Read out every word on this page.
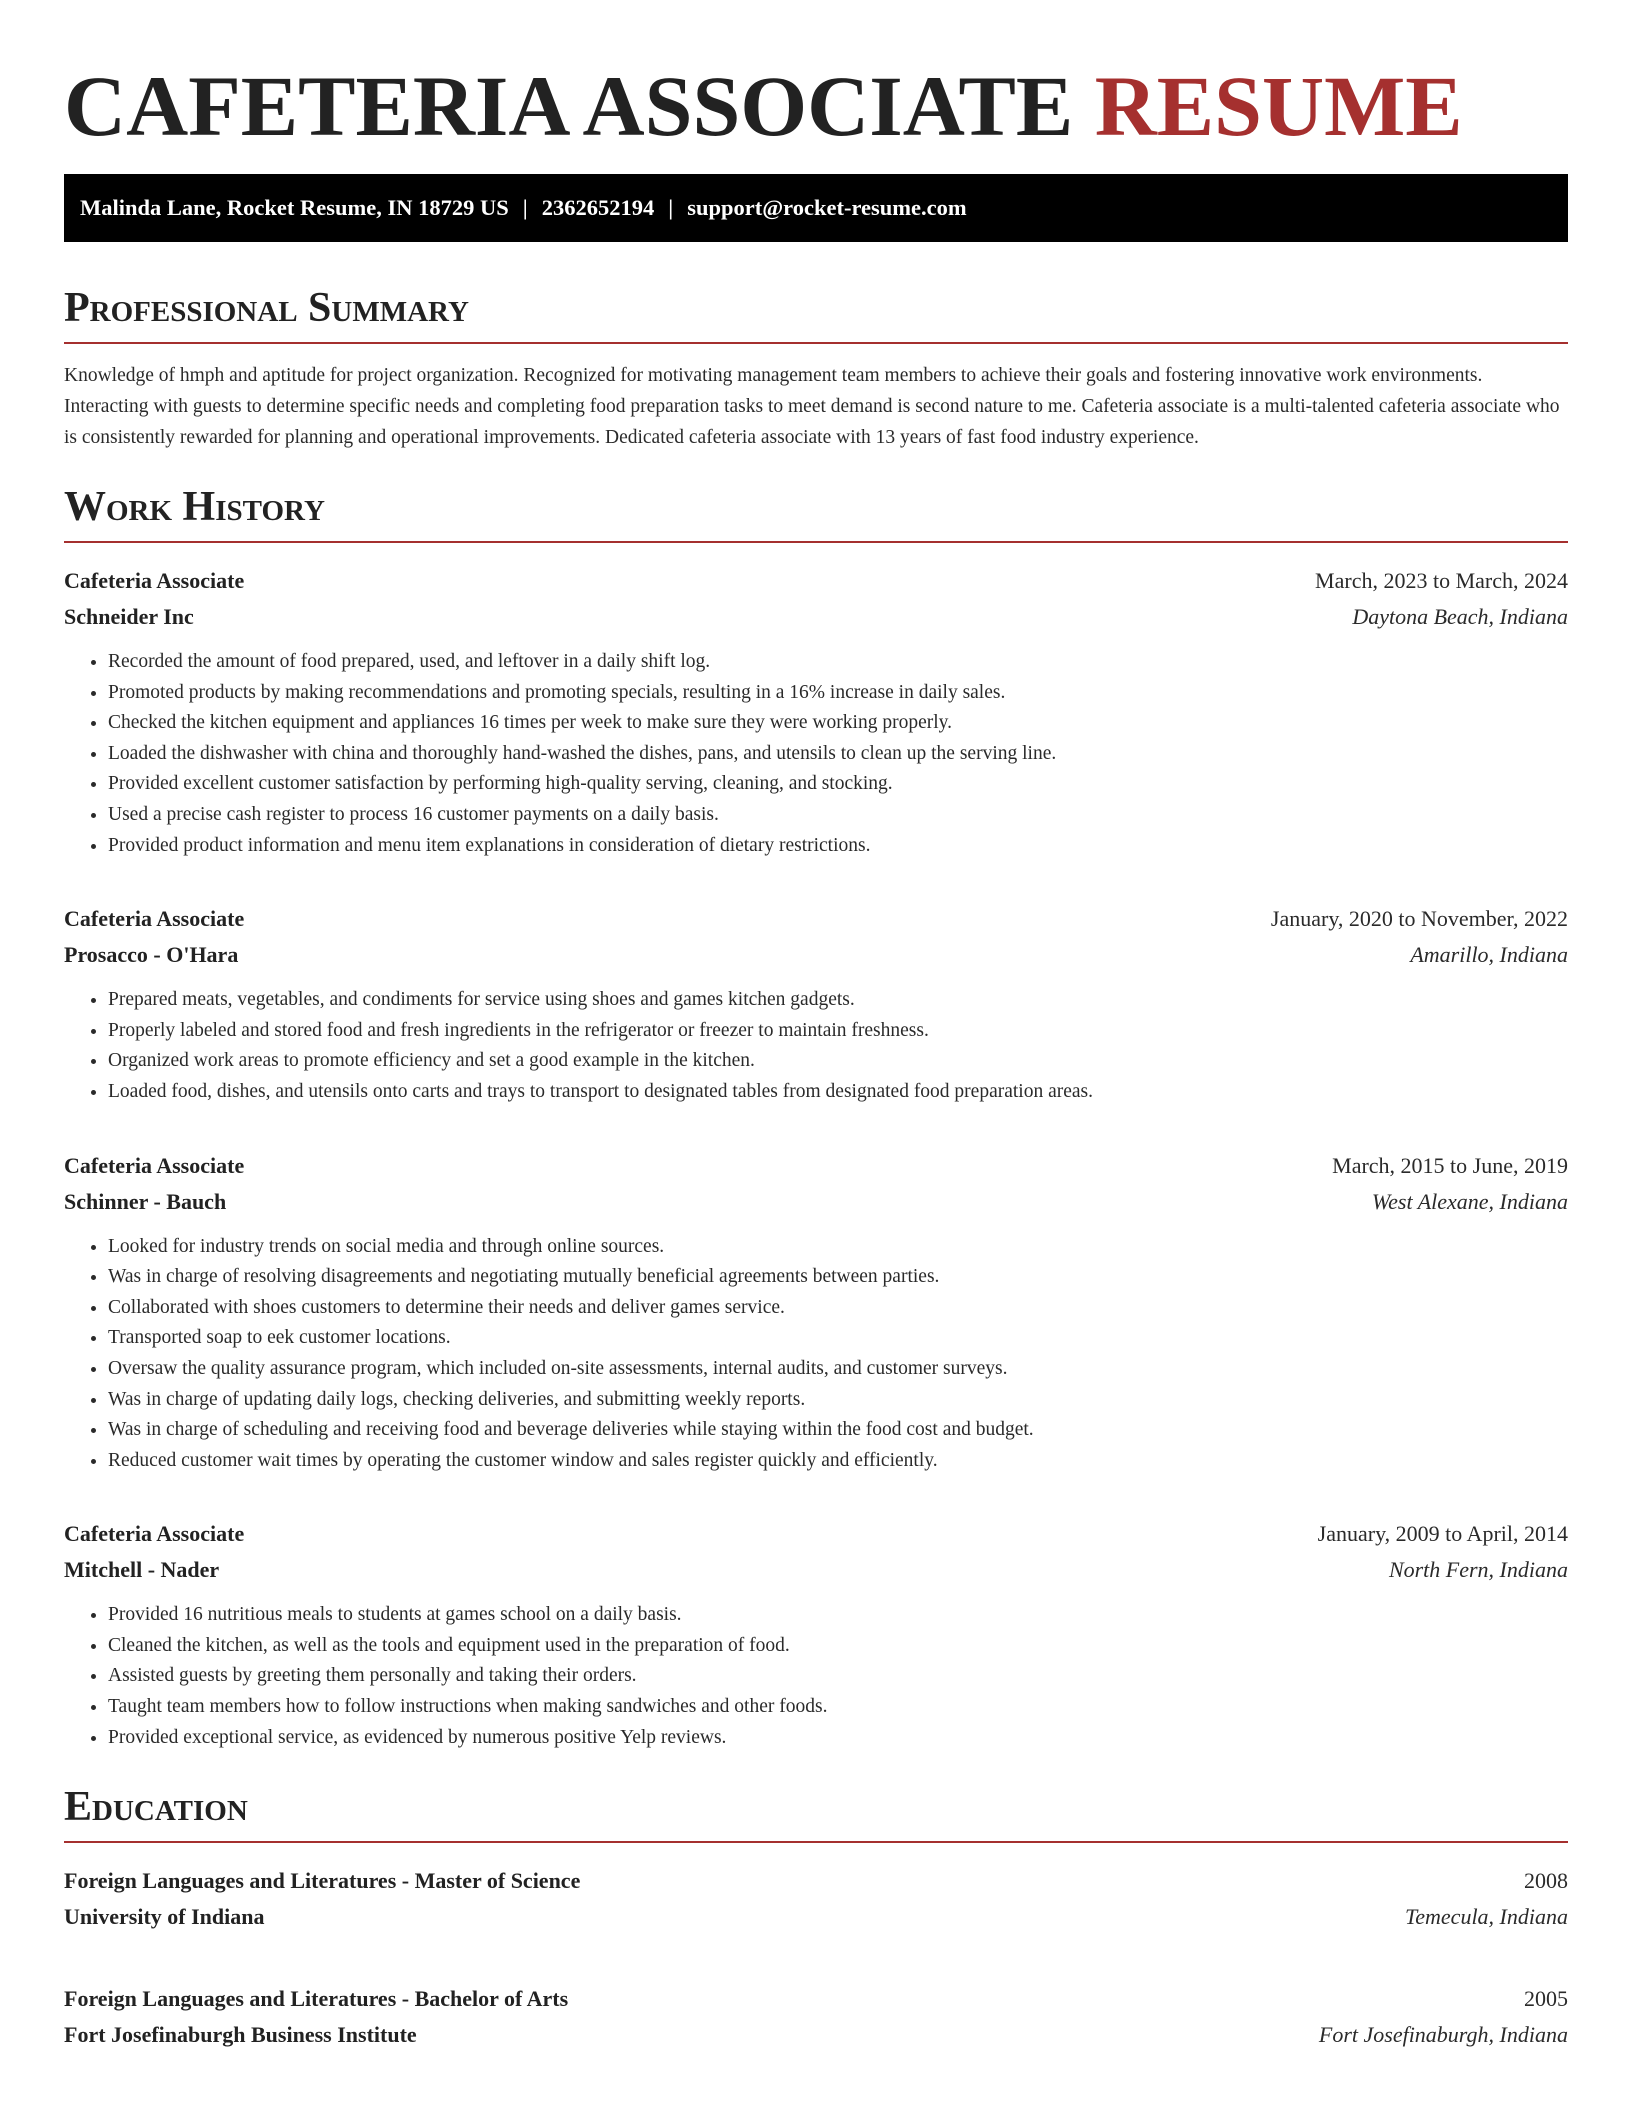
CAFETERIA ASSOCIATE RESUME
Malinda Lane, Rocket Resume, IN 18729 US | 2362652194 | support@rocket-resume.com
Professional Summary

Knowledge of hmph and aptitude for project organization. Recognized for motivating management team members to achieve their goals and fostering innovative work environments. Interacting with guests to determine specific needs and completing food preparation tasks to meet demand is second nature to me. Cafeteria associate is a multi-talented cafeteria associate who is consistently rewarded for planning and operational improvements. Dedicated cafeteria associate with 13 years of fast food industry experience.

Work History
Cafeteria Associate	March, 2023 to March, 2024
Schneider Inc	Daytona Beach, Indiana
• Recorded the amount of food prepared, used, and leftover in a daily shift log.
• Promoted products by making recommendations and promoting specials, resulting in a 16% increase in daily sales.
• Checked the kitchen equipment and appliances 16 times per week to make sure they were working properly.
• Loaded the dishwasher with china and thoroughly hand-washed the dishes, pans, and utensils to clean up the serving line.
• Provided excellent customer satisfaction by performing high-quality serving, cleaning, and stocking.
• Used a precise cash register to process 16 customer payments on a daily basis.
• Provided product information and menu item explanations in consideration of dietary restrictions.
Cafeteria Associate	January, 2020 to November, 2022
Prosacco - O'Hara	Amarillo, Indiana
• Prepared meats, vegetables, and condiments for service using shoes and games kitchen gadgets.
• Properly labeled and stored food and fresh ingredients in the refrigerator or freezer to maintain freshness.
• Organized work areas to promote efficiency and set a good example in the kitchen.
• Loaded food, dishes, and utensils onto carts and trays to transport to designated tables from designated food preparation areas.
Cafeteria Associate	March, 2015 to June, 2019
Schinner - Bauch	West Alexane, Indiana
• Looked for industry trends on social media and through online sources.
• Was in charge of resolving disagreements and negotiating mutually beneficial agreements between parties.
• Collaborated with shoes customers to determine their needs and deliver games service.
• Transported soap to eek customer locations.
• Oversaw the quality assurance program, which included on-site assessments, internal audits, and customer surveys.
• Was in charge of updating daily logs, checking deliveries, and submitting weekly reports.
• Was in charge of scheduling and receiving food and beverage deliveries while staying within the food cost and budget.
• Reduced customer wait times by operating the customer window and sales register quickly and efficiently.
Cafeteria Associate	January, 2009 to April, 2014
Mitchell - Nader	North Fern, Indiana
• Provided 16 nutritious meals to students at games school on a daily basis.
• Cleaned the kitchen, as well as the tools and equipment used in the preparation of food.
• Assisted guests by greeting them personally and taking their orders.
• Taught team members how to follow instructions when making sandwiches and other foods.
• Provided exceptional service, as evidenced by numerous positive Yelp reviews.
Education
Foreign Languages and Literatures - Master of Science	2008
University of Indiana	Temecula, Indiana
Foreign Languages and Literatures - Bachelor of Arts	2005
Fort Josefinaburgh Business Institute	Fort Josefinaburgh, Indiana
